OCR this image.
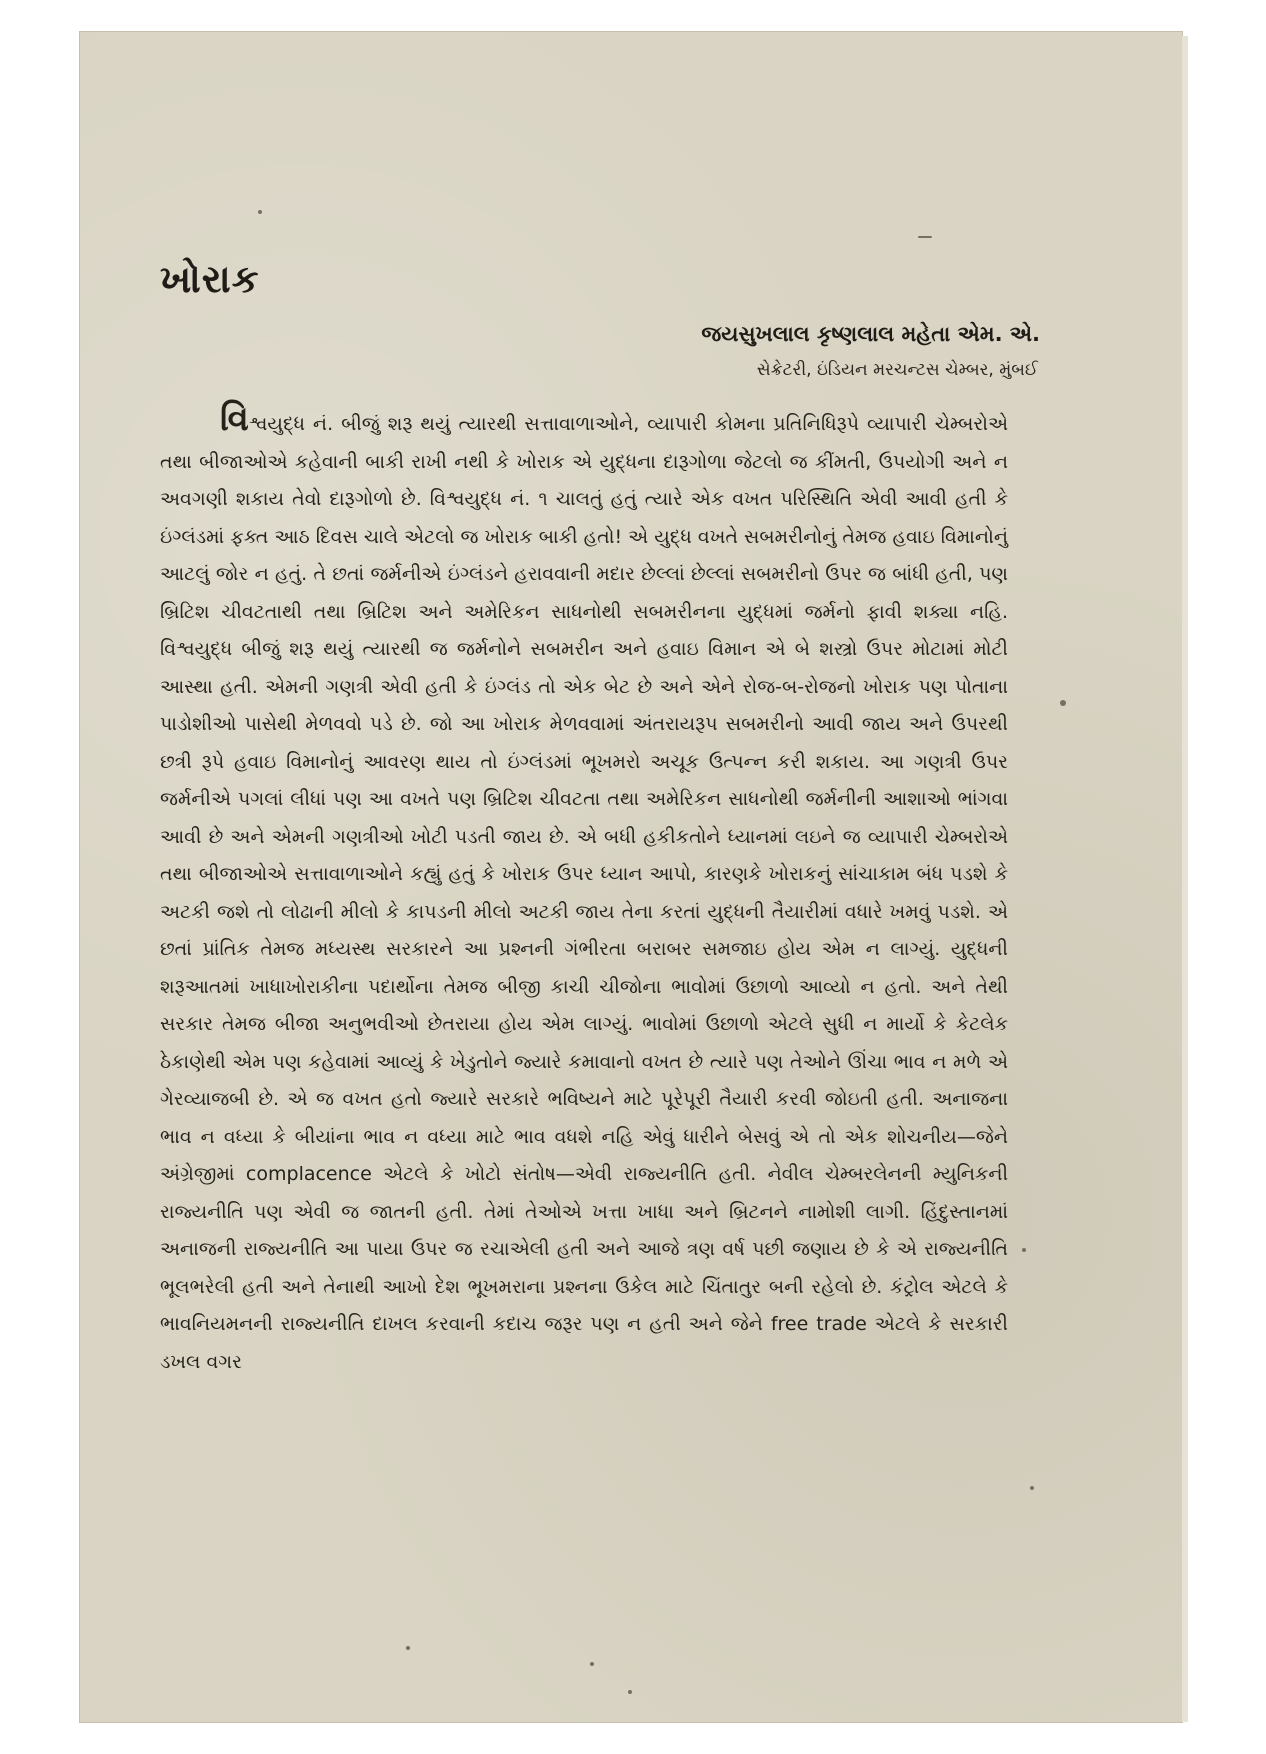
ખોરાક
જયસુખલાલ કૃષ્ણલાલ મહેતા એમ. એ.
સેક્રેટરી, ઇંડિયન મરચન્ટસ ચેમ્બર, મુંબઈ

વિશ્વયુદ્ધ નં. બીજું શરૂ થયું ત્યારથી સત્તાવાળાઓને, વ્યાપારી કોમના પ્રતિનિધિરૂપે વ્યાપારી ચેમ્બરોએ તથા બીજાઓએ કહેવાની બાકી રાખી નથી કે ખોરાક એ યુદ્ધના દારૂગોળા જેટલો જ કીંમતી, ઉપયોગી અને ન અવગણી શકાય તેવો દારૂગોળો છે. વિશ્વયુદ્ધ નં. ૧ ચાલતું હતું ત્યારે એક વખત પરિસ્થિતિ એવી આવી હતી કે ઇંગ્લંડમાં ફક્ત આઠ દિવસ ચાલે એટલો જ ખોરાક બાકી હતો! એ યુદ્ધ વખતે સબમરીનોનું તેમજ હવાઇ વિમાનોનું આટલું જોર ન હતું. તે છતાં જર્મનીએ ઇંગ્લંડને હરાવવાની મદાર છેલ્લાં છેલ્લાં સબમરીનો ઉપર જ બાંધી હતી, પણ બ્રિટિશ ચીવટતાથી તથા બ્રિટિશ અને અમેરિકન સાધનોથી સબમરીનના યુદ્ધમાં જર્મનો ફાવી શક્યા નહિ. વિશ્વયુદ્ધ બીજું શરૂ થયું ત્યારથી જ જર્મનોને સબમરીન અને હવાઇ વિમાન એ બે શસ્ત્રો ઉપર મોટામાં મોટી આસ્થા હતી. એમની ગણત્રી એવી હતી કે ઇંગ્લંડ તો એક બેટ છે અને એને રોજ-બ-રોજનો ખોરાક પણ પોતાના પાડોશીઓ પાસેથી મેળવવો પડે છે. જો આ ખોરાક મેળવવામાં અંતરાયરૂપ સબમરીનો આવી જાય અને ઉપરથી છત્રી રૂપે હવાઇ વિમાનોનું આવરણ થાય તો ઇંગ્લંડમાં ભૂખમરો અચૂક ઉત્પન્ન કરી શકાય. આ ગણત્રી ઉપર જર્મનીએ પગલાં લીધાં પણ આ વખતે પણ બ્રિટિશ ચીવટતા તથા અમેરિકન સાધનોથી જર્મનીની આશાઓ ભાંગવા આવી છે અને એમની ગણત્રીઓ ખોટી પડતી જાય છે. એ બધી હકીકતોને ધ્યાનમાં લઇને જ વ્યાપારી ચેમ્બરોએ તથા બીજાઓએ સત્તાવાળાઓને કહ્યું હતું કે ખોરાક ઉપર ધ્યાન આપો, કારણકે ખોરાકનું સાંચાકામ બંધ પડશે કે અટકી જશે તો લોઢાની મીલો કે કાપડની મીલો અટકી જાય તેના કરતાં યુદ્ધની તૈયારીમાં વધારે ખમવું પડશે. એ છતાં પ્રાંતિક તેમજ મધ્યસ્થ સરકારને આ પ્રશ્નની ગંભીરતા બરાબર સમજાઇ હોય એમ ન લાગ્યું. યુદ્ધની શરૂઆતમાં ખાધાખોરાકીના પદાર્થોના તેમજ બીજી કાચી ચીજોના ભાવોમાં ઉછાળો આવ્યો ન હતો. અને તેથી સરકાર તેમજ બીજા અનુભવીઓ છેતરાયા હોય એમ લાગ્યું. ભાવોમાં ઉછાળો એટલે સુધી ન માર્યો કે કેટલેક ઠેકાણેથી એમ પણ કહેવામાં આવ્યું કે ખેડુતોને જ્યારે કમાવાનો વખત છે ત્યારે પણ તેઓને ઊંચા ભાવ ન મળે એ ગેરવ્યાજબી છે. એ જ વખત હતો જ્યારે સરકારે ભવિષ્યને માટે પૂરેપૂરી તૈયારી કરવી જોઇતી હતી. અનાજના ભાવ ન વધ્યા કે બીયાંના ભાવ ન વધ્યા માટે ભાવ વધશે નહિ એવું ધારીને બેસવું એ તો એક શોચનીય—જેને અંગ્રેજીમાં complacence એટલે કે ખોટો સંતોષ—એવી રાજ્યનીતિ હતી. નેવીલ ચેમ્બરલેનની મ્યુનિકની રાજ્યનીતિ પણ એવી જ જાતની હતી. તેમાં તેઓએ ખત્તા ખાધા અને બ્રિટનને નામોશી લાગી. હિંદુસ્તાનમાં અનાજની રાજ્યનીતિ આ પાયા ઉપર જ રચાએલી હતી અને આજે ત્રણ વર્ષ પછી જણાય છે કે એ રાજ્યનીતિ ભૂલભરેલી હતી અને તેનાથી આખો દેશ ભૂખમરાના પ્રશ્નના ઉકેલ માટે ચિંતાતુર બની રહેલો છે. કંટ્રોલ એટલે કે ભાવનિયમનની રાજ્યનીતિ દાખલ કરવાની કદાચ જરૂર પણ ન હતી અને જેને free trade એટલે કે સરકારી ડખલ વગર
